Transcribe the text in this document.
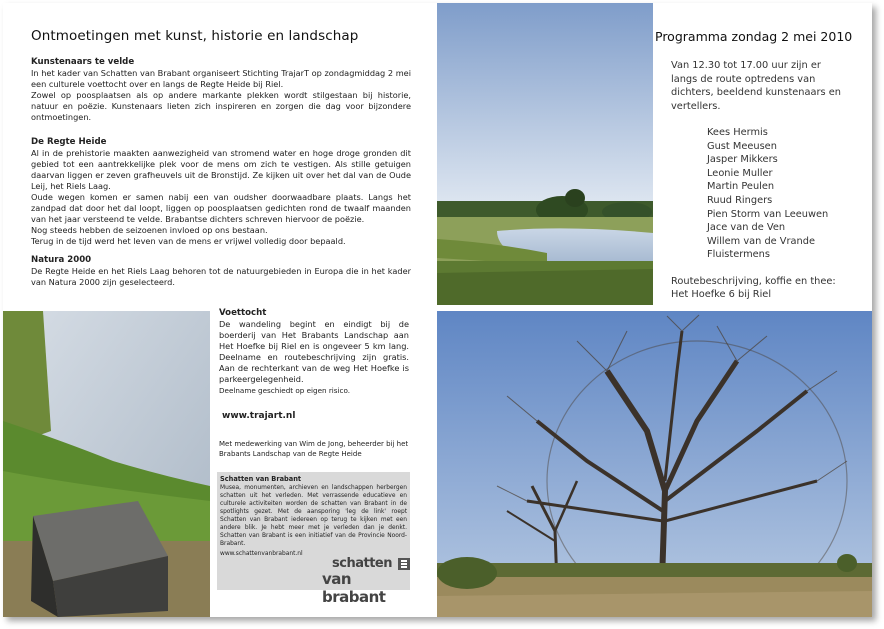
Ontmoetingen met kunst, historie en landschap
Kunstenaars te velde

In het kader van Schatten van Brabant organiseert Stichting TrajarT op zondagmiddag 2 mei een culturele voettocht over en langs de Regte Heide bij Riel.

Zowel op poosplaatsen als op andere markante plekken wordt stilgestaan bij historie, natuur en poëzie. Kunstenaars lieten zich inspireren en zorgen die dag voor bijzondere ontmoetingen.

De Regte Heide

Al in de prehistorie maakten aanwezigheid van stromend water en hoge droge gronden dit gebied tot een aantrekkelijke plek voor de mens om zich te vestigen. Als stille getuigen daarvan liggen er zeven grafheuvels uit de Bronstijd. Ze kijken uit over het dal van de Oude Leij, het Riels Laag.

Oude wegen komen er samen nabij een van oudsher doorwaadbare plaats. Langs het zandpad dat door het dal loopt, liggen op poosplaatsen gedichten rond de twaalf maanden van het jaar versteend te velde. Brabantse dichters schreven hiervoor de poëzie.

Nog steeds hebben de seizoenen invloed op ons bestaan.

Terug in de tijd werd het leven van de mens er vrijwel volledig door bepaald.

Natura 2000

De Regte Heide en het Riels Laag behoren tot de natuurgebieden in Europa die in het kader van Natura 2000 zijn geselecteerd.

Voettocht

De wandeling begint en eindigt bij de boerderij van Het Brabants Landschap aan Het Hoefke bij Riel en is ongeveer 5 km lang. Deelname en routebeschrijving zijn gratis. Aan de rechterkant van de weg Het Hoefke is parkeergelegenheid.

Deelname geschiedt op eigen risico.

www.trajart.nl
Met medewerking van Wim de Jong, beheerder bij het Brabants Landschap van de Regte Heide
Schatten van Brabant
Musea, monumenten, archieven en landschappen herbergen schatten uit het verleden. Met verrassende educatieve en culturele activiteiten worden de schatten van Brabant in de spotlights gezet. Met de aansporing 'leg de link' roept Schatten van Brabant iedereen op terug te kijken met een andere blik. Je hebt meer met je verleden dan je denkt. Schatten van Brabant is een initiatief van de Provincie Noord-Brabant.
www.schattenvanbrabant.nl
schatten
van brabant
Programma zondag 2 mei 2010
Van 12.30 tot 17.00 uur zijn er langs de route optredens van dichters, beeldend kunstenaars en vertellers.
Kees Hermis
Gust Meeusen
Jasper Mikkers
Leonie Muller
Martin Peulen
Ruud Ringers
Pien Storm van Leeuwen
Jace van de Ven
Willem van de Vrande
Fluistermens
Routebeschrijving, koffie en thee:
Het Hoefke 6 bij Riel
